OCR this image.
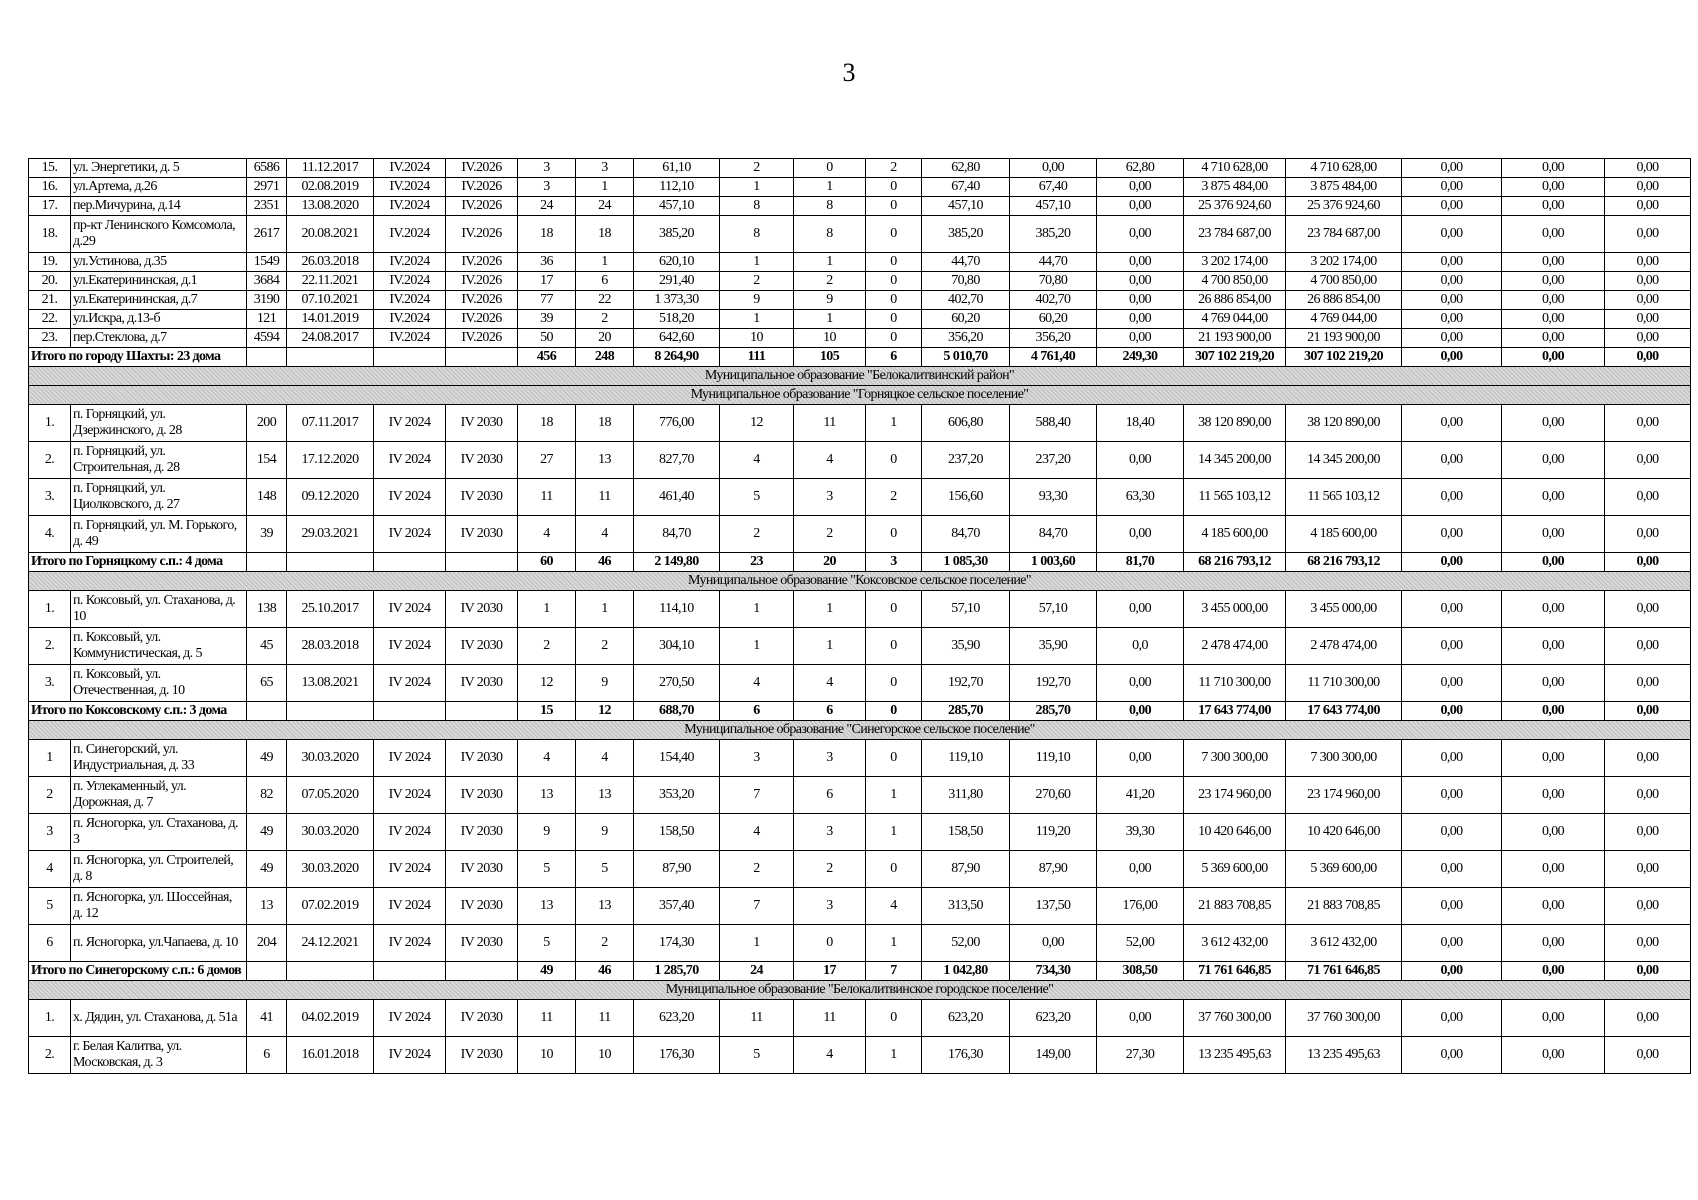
3
15.	ул. Энергетики, д. 5	6586	11.12.2017	IV.2024	IV.2026	3	3	61,10	2	0	2	62,80	0,00	62,80	4 710 628,00	4 710 628,00	0,00	0,00	0,00
16.	ул.Артема, д.26	2971	02.08.2019	IV.2024	IV.2026	3	1	112,10	1	1	0	67,40	67,40	0,00	3 875 484,00	3 875 484,00	0,00	0,00	0,00
17.	пер.Мичурина, д.14	2351	13.08.2020	IV.2024	IV.2026	24	24	457,10	8	8	0	457,10	457,10	0,00	25 376 924,60	25 376 924,60	0,00	0,00	0,00
18.	пр-кт Ленинского Комсомола, д.29	2617	20.08.2021	IV.2024	IV.2026	18	18	385,20	8	8	0	385,20	385,20	0,00	23 784 687,00	23 784 687,00	0,00	0,00	0,00
19.	ул.Устинова, д.35	1549	26.03.2018	IV.2024	IV.2026	36	1	620,10	1	1	0	44,70	44,70	0,00	3 202 174,00	3 202 174,00	0,00	0,00	0,00
20.	ул.Екатерининская, д.1	3684	22.11.2021	IV.2024	IV.2026	17	6	291,40	2	2	0	70,80	70,80	0,00	4 700 850,00	4 700 850,00	0,00	0,00	0,00
21.	ул.Екатерининская, д.7	3190	07.10.2021	IV.2024	IV.2026	77	22	1 373,30	9	9	0	402,70	402,70	0,00	26 886 854,00	26 886 854,00	0,00	0,00	0,00
22.	ул.Искра, д.13-б	121	14.01.2019	IV.2024	IV.2026	39	2	518,20	1	1	0	60,20	60,20	0,00	4 769 044,00	4 769 044,00	0,00	0,00	0,00
23.	пер.Стеклова, д.7	4594	24.08.2017	IV.2024	IV.2026	50	20	642,60	10	10	0	356,20	356,20	0,00	21 193 900,00	21 193 900,00	0,00	0,00	0,00
Итого по городу Шахты: 23 дома						456	248	8 264,90	111	105	6	5 010,70	4 761,40	249,30	307 102 219,20	307 102 219,20	0,00	0,00	0,00
Муниципальное образование "Белокалитвинский район"																			
Муниципальное образование "Горняцкое сельское поселение"																			
1.	п. Горняцкий, ул. Дзержинского, д. 28	200	07.11.2017	IV 2024	IV 2030	18	18	776,00	12	11	1	606,80	588,40	18,40	38 120 890,00	38 120 890,00	0,00	0,00	0,00
2.	п. Горняцкий, ул. Строительная, д. 28	154	17.12.2020	IV 2024	IV 2030	27	13	827,70	4	4	0	237,20	237,20	0,00	14 345 200,00	14 345 200,00	0,00	0,00	0,00
3.	п. Горняцкий, ул. Циолковского, д. 27	148	09.12.2020	IV 2024	IV 2030	11	11	461,40	5	3	2	156,60	93,30	63,30	11 565 103,12	11 565 103,12	0,00	0,00	0,00
4.	п. Горняцкий, ул. М. Горького, д. 49	39	29.03.2021	IV 2024	IV 2030	4	4	84,70	2	2	0	84,70	84,70	0,00	4 185 600,00	4 185 600,00	0,00	0,00	0,00
Итого по Горняцкому с.п.: 4 дома						60	46	2 149,80	23	20	3	1 085,30	1 003,60	81,70	68 216 793,12	68 216 793,12	0,00	0,00	0,00
Муниципальное образование "Коксовское сельское поселение"																			
1.	п. Коксовый, ул. Стаханова, д. 10	138	25.10.2017	IV 2024	IV 2030	1	1	114,10	1	1	0	57,10	57,10	0,00	3 455 000,00	3 455 000,00	0,00	0,00	0,00
2.	п. Коксовый, ул. Коммунистическая, д. 5	45	28.03.2018	IV 2024	IV 2030	2	2	304,10	1	1	0	35,90	35,90	0,0	2 478 474,00	2 478 474,00	0,00	0,00	0,00
3.	п. Коксовый, ул. Отечественная, д. 10	65	13.08.2021	IV 2024	IV 2030	12	9	270,50	4	4	0	192,70	192,70	0,00	11 710 300,00	11 710 300,00	0,00	0,00	0,00
Итого по Коксовскому с.п.: 3 дома						15	12	688,70	6	6	0	285,70	285,70	0,00	17 643 774,00	17 643 774,00	0,00	0,00	0,00
Муниципальное образование "Синегорское сельское поселение"																			
1	п. Синегорский, ул. Индустриальная, д. 33	49	30.03.2020	IV 2024	IV 2030	4	4	154,40	3	3	0	119,10	119,10	0,00	7 300 300,00	7 300 300,00	0,00	0,00	0,00
2	п. Углекаменный, ул. Дорожная, д. 7	82	07.05.2020	IV 2024	IV 2030	13	13	353,20	7	6	1	311,80	270,60	41,20	23 174 960,00	23 174 960,00	0,00	0,00	0,00
3	п. Ясногорка, ул. Стаханова, д. 3	49	30.03.2020	IV 2024	IV 2030	9	9	158,50	4	3	1	158,50	119,20	39,30	10 420 646,00	10 420 646,00	0,00	0,00	0,00
4	п. Ясногорка, ул. Строителей, д. 8	49	30.03.2020	IV 2024	IV 2030	5	5	87,90	2	2	0	87,90	87,90	0,00	5 369 600,00	5 369 600,00	0,00	0,00	0,00
5	п. Ясногорка, ул. Шоссейная, д. 12	13	07.02.2019	IV 2024	IV 2030	13	13	357,40	7	3	4	313,50	137,50	176,00	21 883 708,85	21 883 708,85	0,00	0,00	0,00
6	п. Ясногорка, ул.Чапаева, д. 10	204	24.12.2021	IV 2024	IV 2030	5	2	174,30	1	0	1	52,00	0,00	52,00	3 612 432,00	3 612 432,00	0,00	0,00	0,00
Итого по Синегорскому с.п.: 6 домов						49	46	1 285,70	24	17	7	1 042,80	734,30	308,50	71 761 646,85	71 761 646,85	0,00	0,00	0,00
Муниципальное образование "Белокалитвинское городское поселение"																			
1.	х. Дядин, ул. Стаханова, д. 51а	41	04.02.2019	IV 2024	IV 2030	11	11	623,20	11	11	0	623,20	623,20	0,00	37 760 300,00	37 760 300,00	0,00	0,00	0,00
2.	г. Белая Калитва, ул. Московская, д. 3	6	16.01.2018	IV 2024	IV 2030	10	10	176,30	5	4	1	176,30	149,00	27,30	13 235 495,63	13 235 495,63	0,00	0,00	0,00
